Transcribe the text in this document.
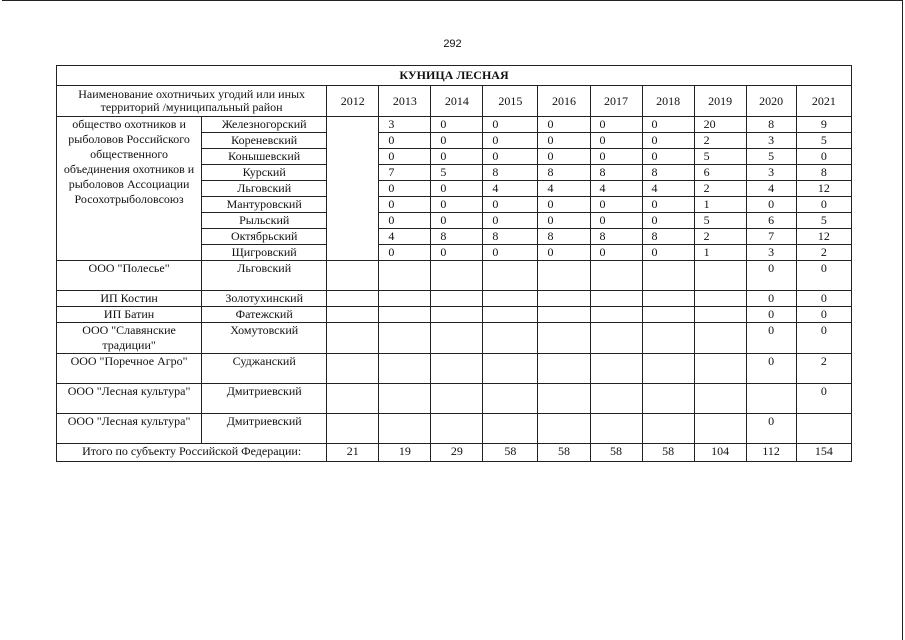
292
КУНИЦА ЛЕСНАЯ											
Наименование охотничьих угодий или иных территорий /муниципальный район		2012	2013	2014	2015	2016	2017	2018	2019	2020	2021
общество охотников и рыболовов Российского общественного объединения охотников и рыболовов Ассоциации Росохотрыболовсоюз	Железногорский		3	0	0	0	0	0	20	8	9
	Кореневский		0	0	0	0	0	0	2	3	5
	Конышевский		0	0	0	0	0	0	5	5	0
	Курский		7	5	8	8	8	8	6	3	8
	Льговский		0	0	4	4	4	4	2	4	12
	Мантуровский		0	0	0	0	0	0	1	0	0
	Рыльский		0	0	0	0	0	0	5	6	5
	Октябрьский		4	8	8	8	8	8	2	7	12
	Щигровский		0	0	0	0	0	0	1	3	2
ООО "Полесье"	Льговский									0	0
ИП Костин	Золотухинский									0	0
ИП Батин	Фатежский									0	0
ООО "Славянские традиции"	Хомутовский									0	0
ООО "Поречное Агро"	Суджанский									0	2
ООО "Лесная культура"	Дмитриевский										0
ООО "Лесная культура"	Дмитриевский									0	
Итого по субъекту Российской Федерации:		21	19	29	58	58	58	58	104	112	154
